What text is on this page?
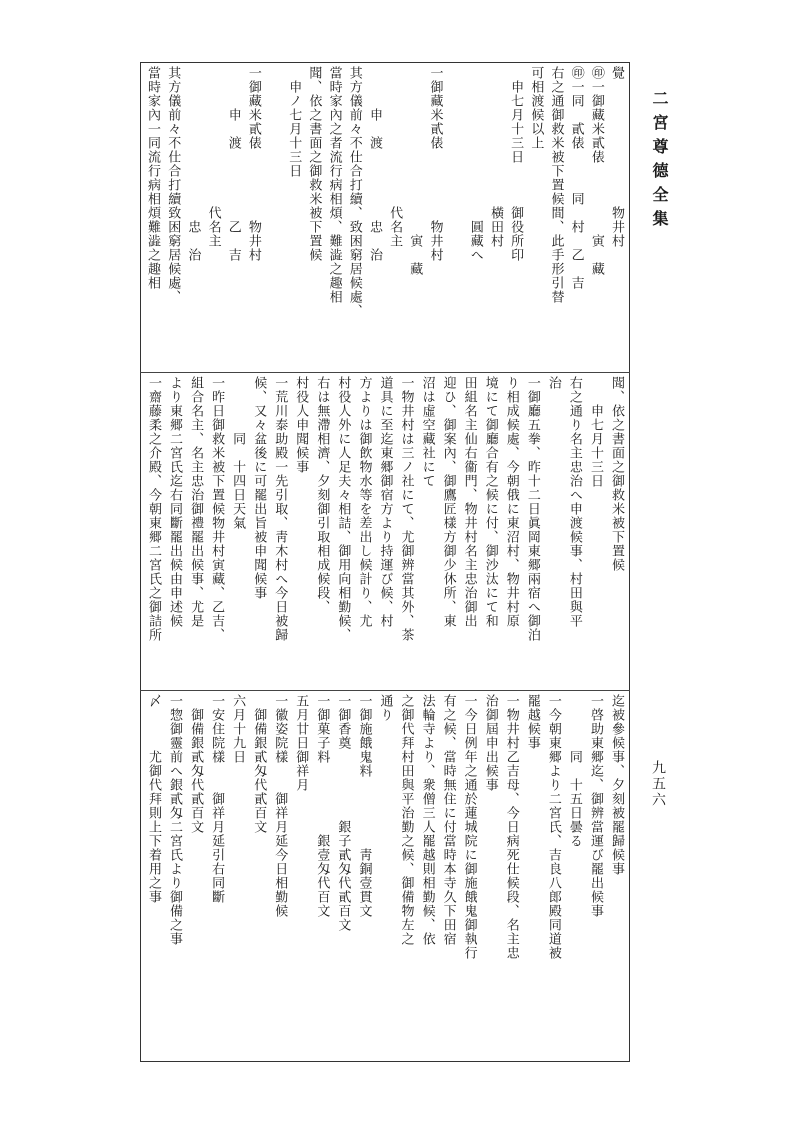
二宮尊德全集
九五六
覺　　　　　　　　　物井村
㊞一御藏米貳俵　　　　　寅　藏
㊞一同　貳俵　　　同　村　乙　吉
右之通御救米被下置候間、此手形引替
可相渡候以上
　申七月十三日　　　御役所印
　　　　　　　　　　橫田村
　　　　　　　　　　　圓藏へ
一御藏米貳俵　　　　　物井村
　　　　　　　　　　　　寅　藏
　　　　　　　　　　代名主
　　　申　渡　　　　　忠　治
其方儀前々不仕合打續、致困窮居候處、
當時家內之者流行病相煩、難澁之趣相
聞、依之書面之御救米被下置候
　申ノ七月十三日
一御藏米貳俵　　　　　物井村
　　　申　渡　　　　　乙　吉
　　　　　　　　　　代名主
　　　　　　　　　　　忠　治
其方儀前々不仕合打續致困窮居候處、
當時家內一同流行病相煩難澁之趣相
聞、依之書面之御救米被下置候
　　申七月十三日
右之通り名主忠治へ申渡候事、村田與平
治
一御廳五拳、昨十二日眞岡東郷兩宿へ御泊
り相成候處、今朝俄に東沼村、物井村原
境にて御廳合有之候に付、御沙汰にて和
田組名主仙右衞門、物井村名主忠治御出
迎ひ、御案內、御鷹匠樣方御少休所、東
沼は虛空藏社にて
一物井村は三ノ社にて、尤御辨當其外、茶
道具に至迄東郷御宿方より持運び候、村
方よりは御飲物水等を差出し候計り、尤
村役人外に人足夫々相詰、御用向相勤候、
右は無滯相濟、夕刻御引取相成候段、
村役人申聞候事
一荒川泰助殿一先引取、靑木村へ今日被歸
候、又々盆後に可罷出旨被申聞候事
　　　　同　十四日天氣
一昨日御救米被下置候物井村寅藏、乙吉、
組合名主、名主忠治御禮罷出候事、尤是
より東郷二宮氏迄右同斷罷出候由申述候
一齋藤柔之介殿、今朝東郷二宮氏之御詰所
迄被參候事、夕刻被罷歸候事
一啓助東郷迄、御辨當運び罷出候事
　　　　同　十五日曇る
一今朝東郷より二宮氏、吉良八郎殿同道被
罷越候事
一物井村乙吉母、今日病死仕候段、名主忠
治御屆申出候事
一今日例年之通於蓮城院に御施餓鬼御執行
有之候、當時無住に付當時本寺久下田宿
法輪寺より、衆僧三人罷越則相勤候、依
之御代拜村田與平治勤之候、御備物左之
通り
一御施餓鬼料　　　　　靑銅壹貫文
一御香奠　　　　　銀子貳匁代貳百文
一御菓子料　　　　　銀壹匁代百文
五月廿日御祥月
一徽姿院樣　　御祥月延今日相勤候
　御備銀貳匁代貳百文
六月十九日
一安住院樣　　御祥月延引右同斷
　御備銀貳匁代貳百文
一惣御靈前へ銀貳匁二宮氏より御備之事
〆　　　尤御代拜則上下着用之事
